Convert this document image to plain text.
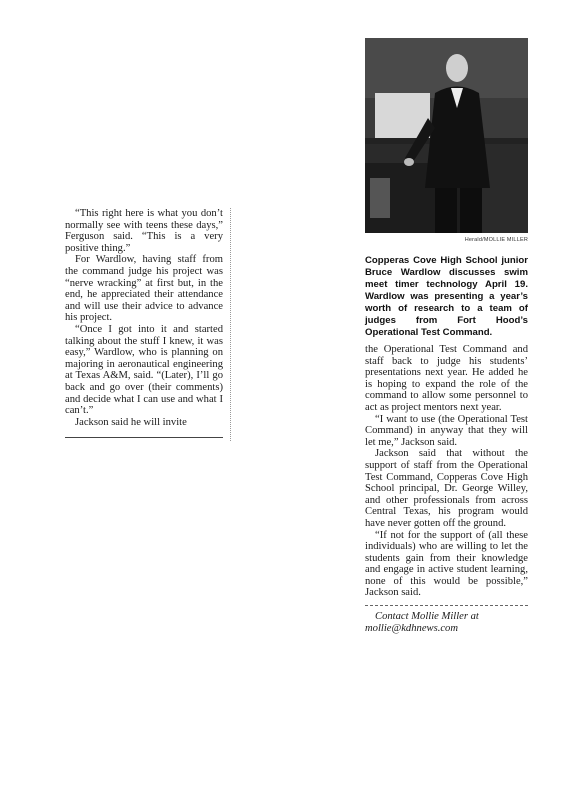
“This right here is what you don’t normally see with teens these days,” Ferguson said. “This is a very positive thing.”

For Wardlow, having staff from the command judge his project was “nerve wracking” at first but, in the end, he appreciated their attendance and will use their advice to advance his project.

“Once I got into it and started talking about the stuff I knew, it was easy,” Wardlow, who is planning on majoring in aeronautical engineering at Texas A&M, said. “(Later), I’ll go back and go over (their comments) and decide what I can use and what I can’t.”

Jackson said he will invite

Herald/MOLLIE MILLER
Copperas Cove High School junior Bruce Wardlow discusses swim meet timer technology April 19. Wardlow was presenting a year’s worth of research to a team of judges from Fort Hood’s Operational Test Command.

the Operational Test Command and staff back to judge his students’ presentations next year. He added he is hoping to expand the role of the command to allow some personnel to act as project mentors next year.

“I want to use (the Operational Test Command) in anyway that they will let me,” Jackson said.

Jackson said that without the support of staff from the Operational Test Command, Copperas Cove High School principal, Dr. George Willey, and other professionals from across Central Texas, his program would have never gotten off the ground.

“If not for the support of (all these individuals) who are willing to let the students gain from their knowledge and engage in active student learning, none of this would be possible,” Jackson said.

Contact Mollie Miller at mollie@kdhnews.com
